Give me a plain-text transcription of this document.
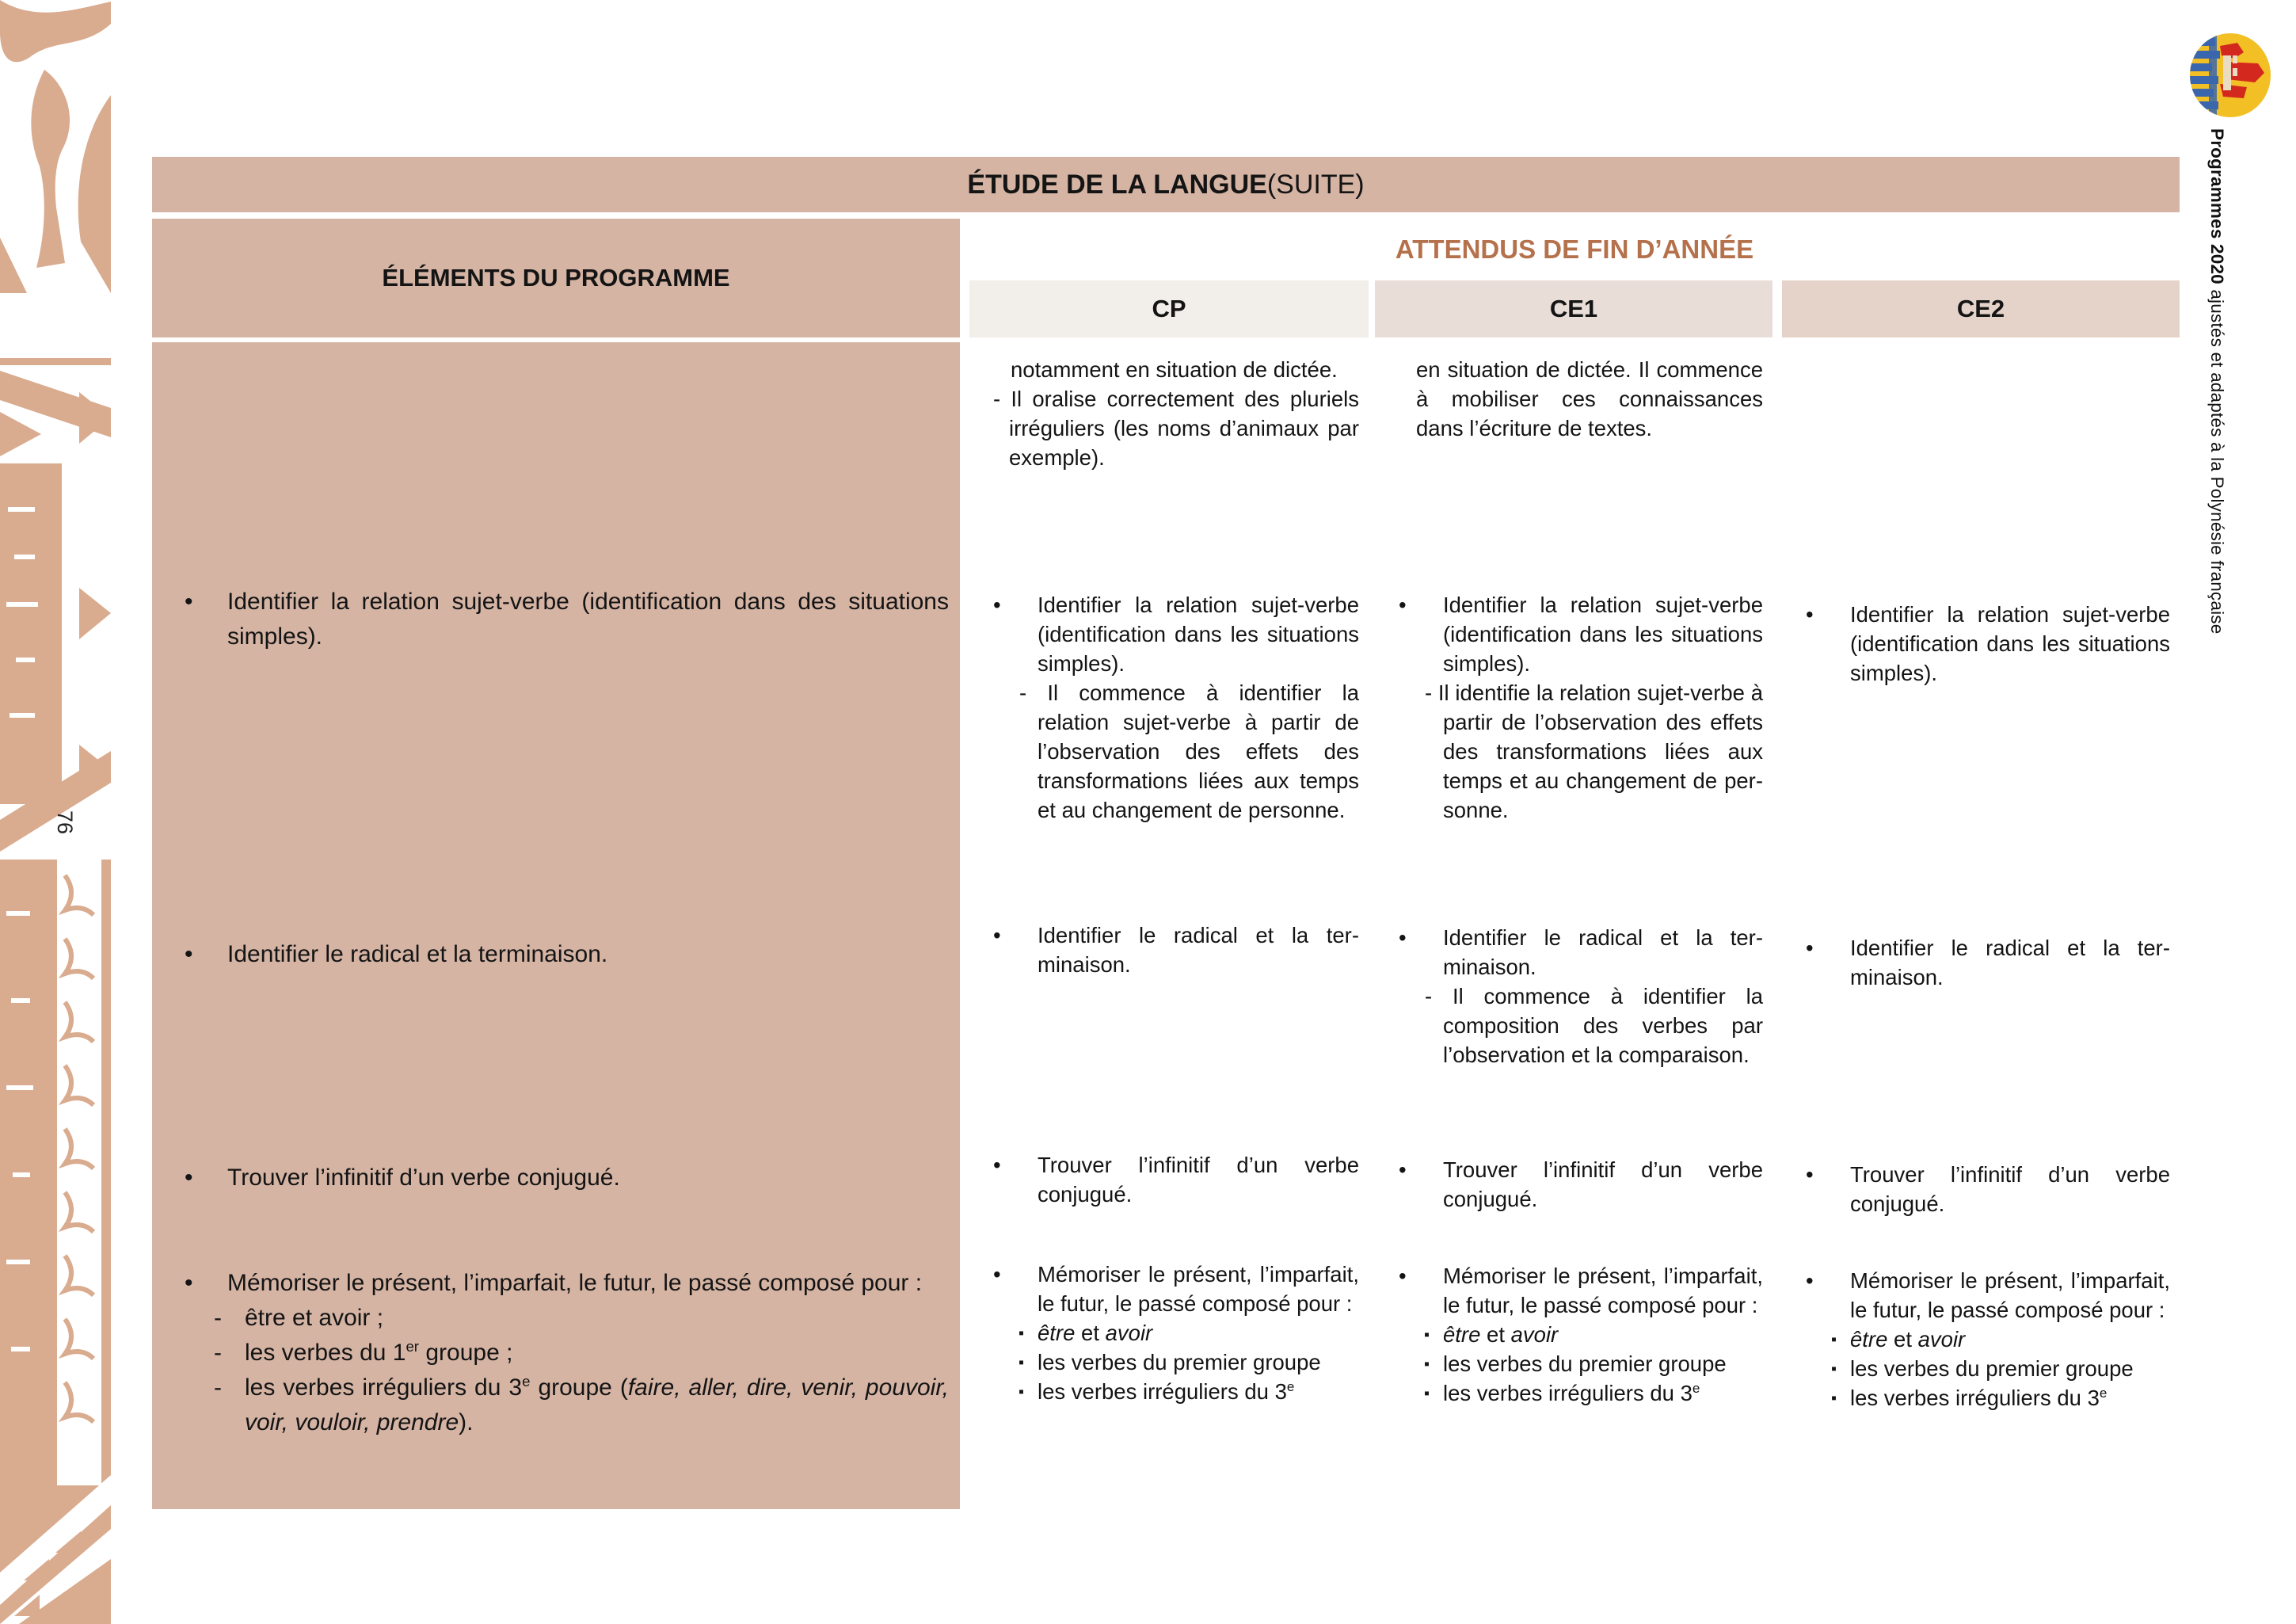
76
Programmes 2020 ajustés et adaptés à la Polynésie française
ÉTUDE DE LA LANGUE (SUITE)
ÉLÉMENTS DU PROGRAMME
ATTENDUS DE FIN D’ANNÉE
CP	CE1	CE2

• Identifier la relation sujet-verbe (identification dans des situations simples).

• Identifier le radical et la terminaison.

• Trouver l’infinitif d’un verbe conjugué.

• Mémoriser le présent, l’imparfait, le futur, le passé composé pour :

- être et avoir ;
- les verbes du 1er groupe ;
- les verbes irréguliers du 3e groupe (faire, aller, dire, venir, pouvoir, voir, vouloir, prendre).

notamment en situation de dictée.

- Il oralise correctement des pluriels irréguliers (les noms d’animaux par exemple).

• Identifier la relation sujet-verbe (identification dans les situations simples).

- Il commence à identifier la relation sujet-verbe à partir de l’observation des effets des transformations liées aux temps et au changement de personne.

• Identifier le radical et la terminaison.

• Trouver l’infinitif d’un verbe conjugué.

• Mémoriser le présent, l’imparfait, le futur, le passé composé pour :

▪ être et avoir
▪ les verbes du premier groupe
▪ les verbes irréguliers du 3e

en situation de dictée. Il commence à mobiliser ces connaissances dans l’écriture de textes.

• Identifier la relation sujet-verbe (identification dans les situations simples).

- Il identifie la relation sujet-verbe à partir de l’observation des effets des transformations liées aux temps et au changement de personne.

• Identifier le radical et la terminaison.

- Il commence à identifier la composition des verbes par l’observation et la comparaison.

• Trouver l’infinitif d’un verbe conjugué.

• Mémoriser le présent, l’imparfait, le futur, le passé composé pour :

▪ être et avoir
▪ les verbes du premier groupe
▪ les verbes irréguliers du 3e

• Identifier la relation sujet-verbe (identification dans les situations simples).

• Identifier le radical et la terminaison.

• Trouver l’infinitif d’un verbe conjugué.

• Mémoriser le présent, l’imparfait, le futur, le passé composé pour :

▪ être et avoir
▪ les verbes du premier groupe
▪ les verbes irréguliers du 3e
